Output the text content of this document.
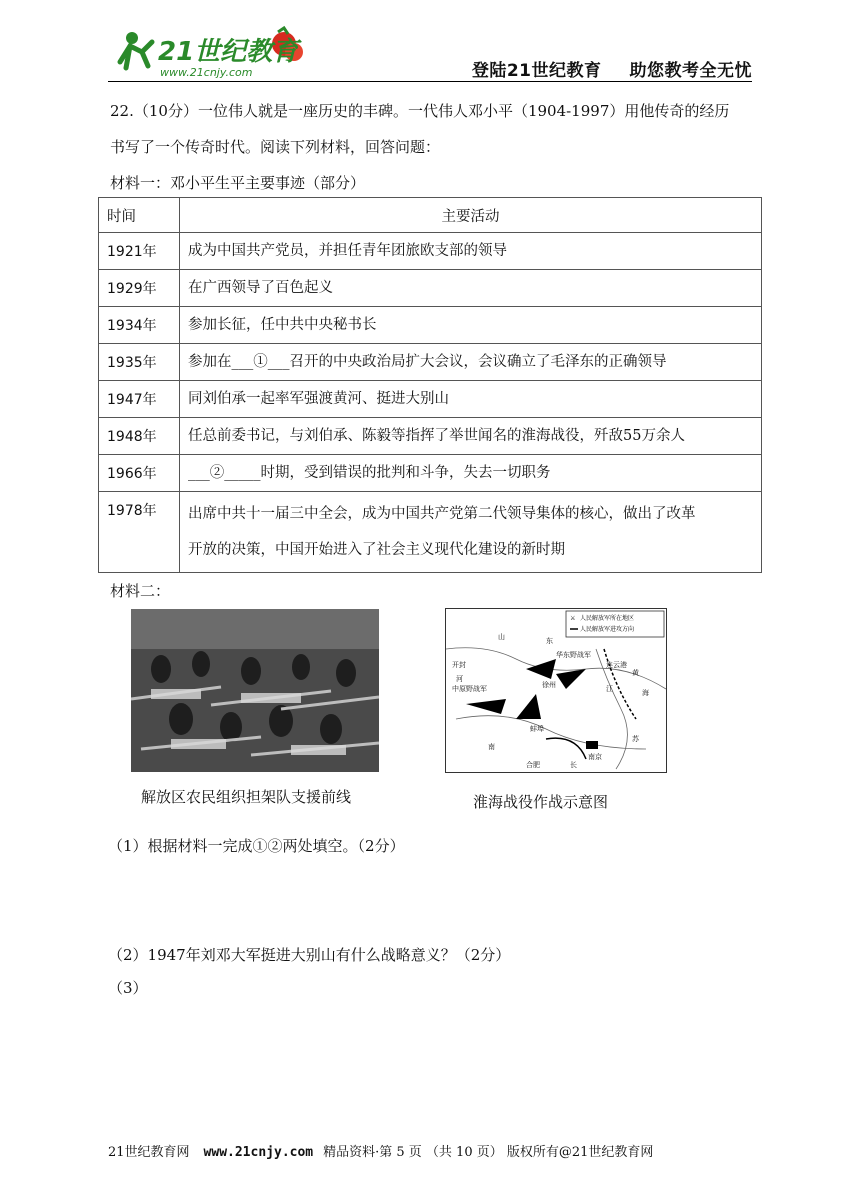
21世纪教育
www.21cnjy.com	登陆21世纪教育 助您教考全无忧
22.（10分）一位伟人就是一座历史的丰碑。一代伟人邓小平（1904-1997）用他传奇的经历
书写了一个传奇时代。阅读下列材料，回答问题：
材料一：邓小平生平主要事迹（部分）
时间	主要活动
1921年	成为中国共产党员，并担任青年团旅欧支部的领导
1929年	在广西领导了百色起义
1934年	参加长征，任中共中央秘书长
1935年	参加在___①___召开的中央政治局扩大会议，会议确立了毛泽东的正确领导
1947年	同刘伯承一起率军强渡黄河、挺进大别山
1948年	任总前委书记，与刘伯承、陈毅等指挥了举世闻名的淮海战役，歼敌55万余人
1966年	___②_____时期，受到错误的批判和斗争，失去一切职务
1978年	出席中共十一届三中全会，成为中国共产党第二代领导集体的核心，做出了改革
开放的决策，中国开始进入了社会主义现代化建设的新时期
材料二：
解放区农民组织担架队支援前线
⚔ 人民解放军所在地区
人民解放军进攻方向
山	东
华东野战军
连云港
黄
海
开封
河
中原野战军	江
苏
南
合肥	长
南京
蚌埠
徐州
淮海战役作战示意图
（1）根据材料一完成①②两处填空。（2分）
（2）1947年刘邓大军挺进大别山有什么战略意义？（2分）
（3）
21世纪教育网 www.21cnjy.com 精品资料·第 5 页 （共 10 页） 版权所有@21世纪教育网
